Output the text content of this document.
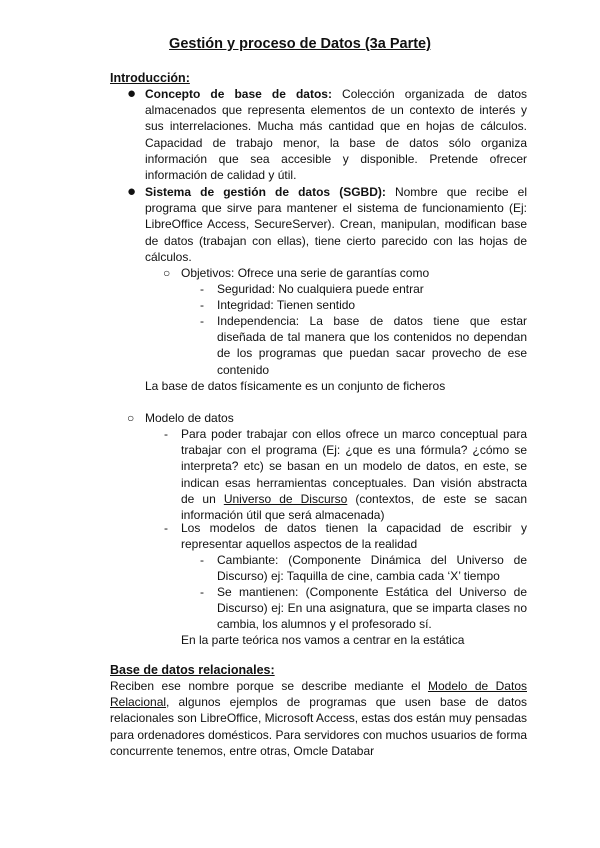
Gestión y proceso de Datos (3a Parte)
Introducción:
● Concepto de base de datos: Colección organizada de datos almacenados que representa elementos de un contexto de interés y sus interrelaciones. Mucha más cantidad que en hojas de cálculos. Capacidad de trabajo menor, la base de datos sólo organiza información que sea accesible y disponible. Pretende ofrecer información de calidad y útil.
● Sistema de gestión de datos (SGBD): Nombre que recibe el programa que sirve para mantener el sistema de funcionamiento (Ej: LibreOffice Access, SecureServer). Crean, manipulan, modifican base de datos (trabajan con ellas), tiene cierto parecido con las hojas de cálculos.
○ Objetivos: Ofrece una serie de garantías como
- Seguridad: No cualquiera puede entrar
- Integridad: Tienen sentido
- Independencia: La base de datos tiene que estar diseñada de tal manera que los contenidos no dependan de los programas que puedan sacar provecho de ese contenido
La base de datos físicamente es un conjunto de ficheros
○ Modelo de datos
- Para poder trabajar con ellos ofrece un marco conceptual para trabajar con el programa (Ej: ¿que es una fórmula? ¿cómo se interpreta? etc) se basan en un modelo de datos, en este, se indican esas herramientas conceptuales. Dan visión abstracta de un Universo de Discurso (contextos, de este se sacan información útil que será almacenada)
- Los modelos de datos tienen la capacidad de escribir y representar aquellos aspectos de la realidad
- Cambiante: (Componente Dinámica del Universo de Discurso) ej: Taquilla de cine, cambia cada ‘X’ tiempo
- Se mantienen: (Componente Estática del Universo de Discurso) ej: En una asignatura, que se imparta clases no cambia, los alumnos y el profesorado sí.
En la parte teórica nos vamos a centrar en la estática
Base de datos relacionales:
Reciben ese nombre porque se describe mediante el Modelo de Datos Relacional, algunos ejemplos de programas que usen base de datos relacionales son LibreOffice, Microsoft Access, estas dos están muy pensadas para ordenadores domésticos. Para servidores con muchos usuarios de forma concurrente tenemos, entre otras, Omcle Databar
